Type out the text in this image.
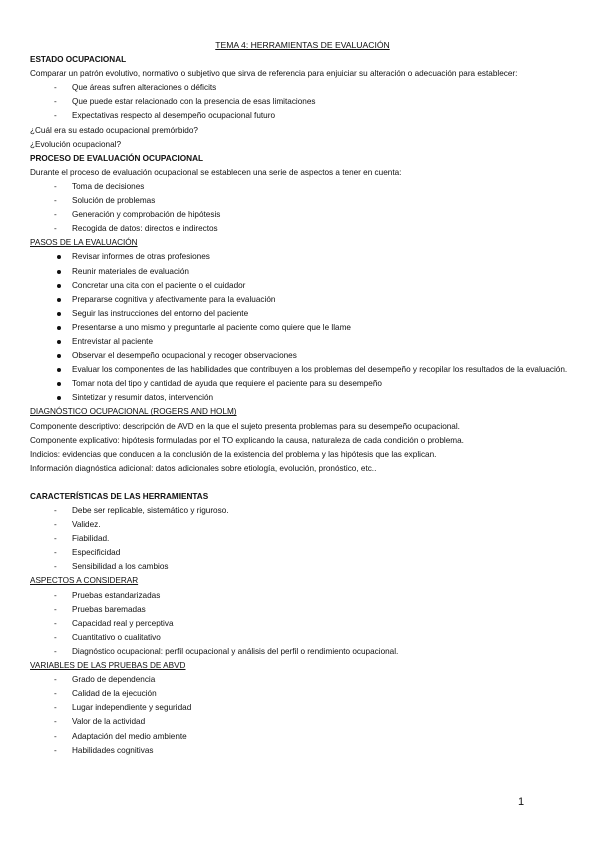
TEMA 4: HERRAMIENTAS DE EVALUACIÓN
ESTADO OCUPACIONAL

Comparar un patrón evolutivo, normativo o subjetivo que sirva de referencia para enjuiciar su alteración o adecuación para establecer:

- Que áreas sufren alteraciones o déficits
- Que puede estar relacionado con la presencia de esas limitaciones
- Expectativas respecto al desempeño ocupacional futuro

¿Cuál era su estado ocupacional premórbido?

¿Evolución ocupacional?

PROCESO DE EVALUACIÓN OCUPACIONAL

Durante el proceso de evaluación ocupacional se establecen una serie de aspectos a tener en cuenta:

- Toma de decisiones
- Solución de problemas
- Generación y comprobación de hipótesis
- Recogida de datos: directos e indirectos
PASOS DE LA EVALUACIÓN
Revisar informes de otras profesiones
Reunir materiales de evaluación
Concretar una cita con el paciente o el cuidador
Prepararse cognitiva y afectivamente para la evaluación
Seguir las instrucciones del entorno del paciente
Presentarse a uno mismo y preguntarle al paciente como quiere que le llame
Entrevistar al paciente
Observar el desempeño ocupacional y recoger observaciones
Evaluar los componentes de las habilidades que contribuyen a los problemas del desempeño y recopilar los resultados de la evaluación.
Tomar nota del tipo y cantidad de ayuda que requiere el paciente para su desempeño
Sintetizar y resumir datos, intervención
DIAGNÓSTICO OCUPACIONAL (ROGERS AND HOLM)

Componente descriptivo: descripción de AVD en la que el sujeto presenta problemas para su desempeño ocupacional.

Componente explicativo: hipótesis formuladas por el TO explicando la causa, naturaleza de cada condición o problema.

Indicios: evidencias que conducen a la conclusión de la existencia del problema y las hipótesis que las explican.

Información diagnóstica adicional: datos adicionales sobre etiología, evolución, pronóstico, etc..

CARACTERÍSTICAS DE LAS HERRAMIENTAS
- Debe ser replicable, sistemático y riguroso.
- Validez.
- Fiabilidad.
- Especificidad
- Sensibilidad a los cambios
ASPECTOS A CONSIDERAR
- Pruebas estandarizadas
- Pruebas baremadas
- Capacidad real y perceptiva
- Cuantitativo o cualitativo
- Diagnóstico ocupacional: perfil ocupacional y análisis del perfil o rendimiento ocupacional.
VARIABLES DE LAS PRUEBAS DE ABVD
- Grado de dependencia
- Calidad de la ejecución
- Lugar independiente y seguridad
- Valor de la actividad
- Adaptación del medio ambiente
- Habilidades cognitivas
1
